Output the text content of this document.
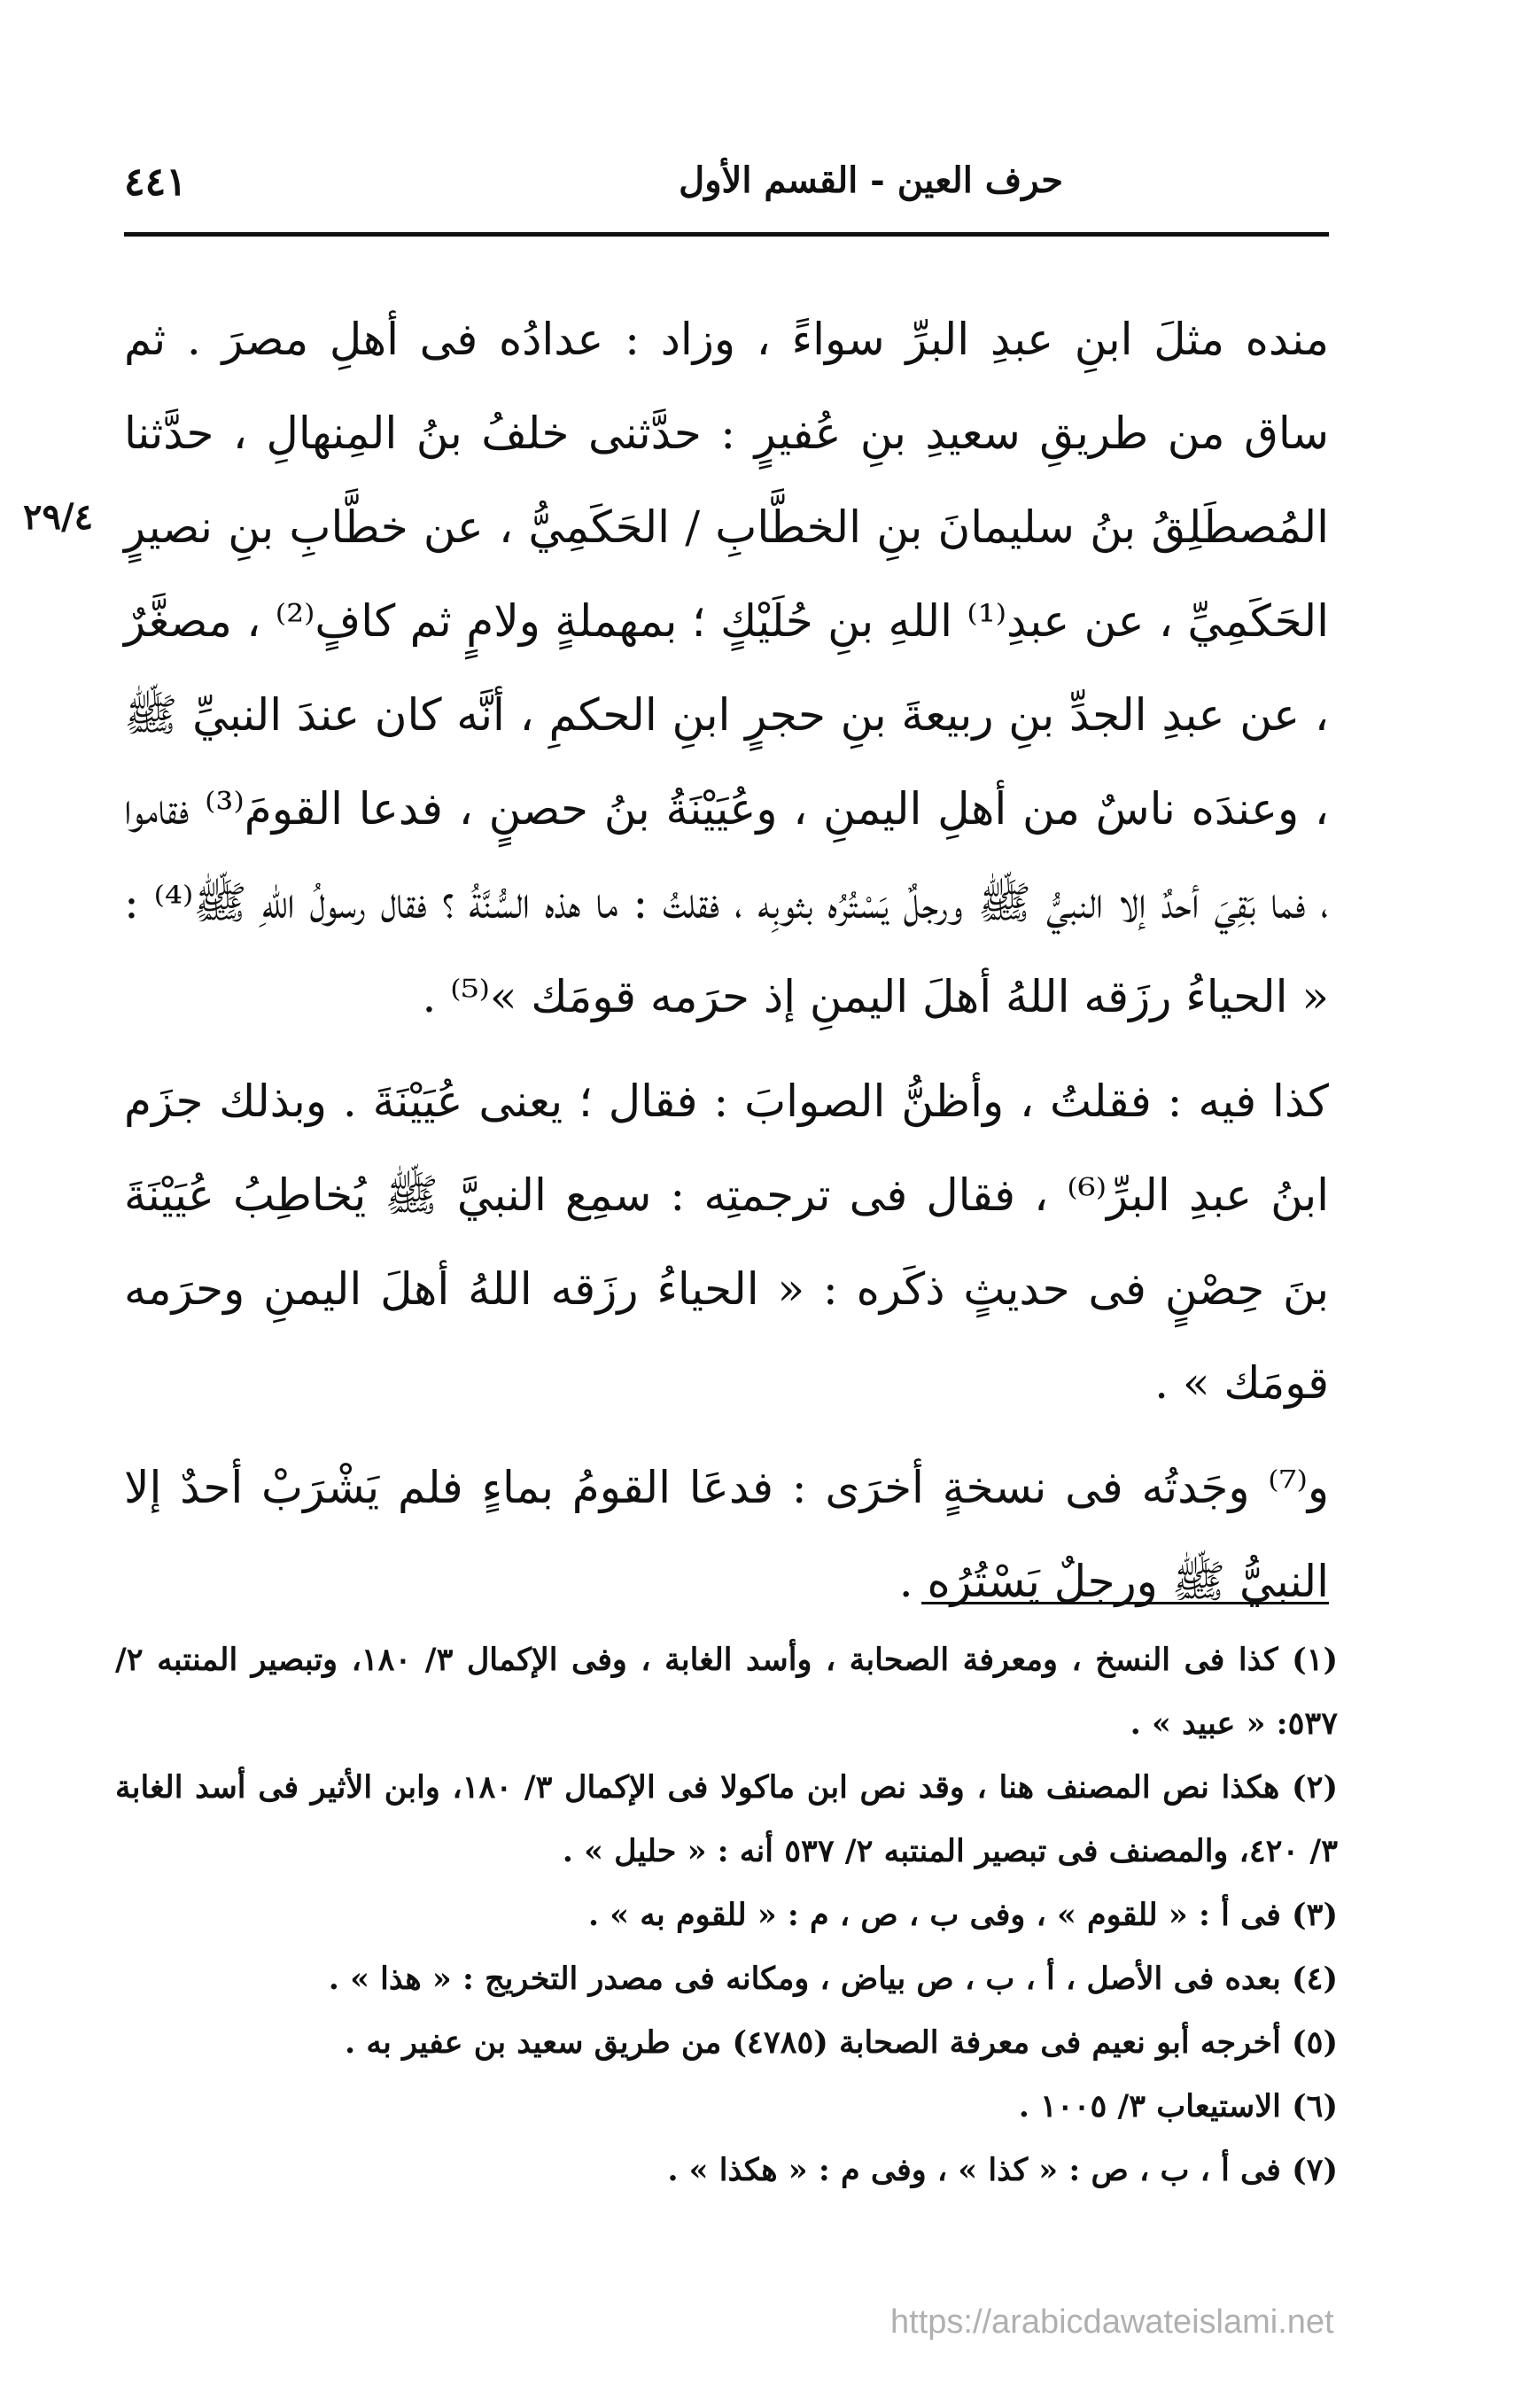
٤٤١	حرف العين - القسم الأول
٢٩/٤

منده مثلَ ابنِ عبدِ البرِّ سواءً ، وزاد : عدادُه فى أهلِ مصرَ . ثم ساق من طريقِ سعيدِ بنِ عُفيرٍ : حدَّثنى خلفُ بنُ المِنهالِ ، حدَّثنا المُصطَلِقُ بنُ سليمانَ بنِ الخطَّابِ / الحَكَمِيُّ ، عن خطَّابِ بنِ نصيرٍ الحَكَمِيِّ ، عن عبدِ⁽¹⁾ اللهِ بنِ حُلَيْكٍ ؛ بمهملةٍ ولامٍ ثم كافٍ⁽²⁾ ، مصغَّرٌ ، عن عبدِ الجدِّ بنِ ربيعةَ بنِ حجرٍ ابنِ الحكمِ ، أنَّه كان عندَ النبيِّ ﷺ ، وعندَه ناسٌ من أهلِ اليمنِ ، وعُيَيْنَةُ بنُ حصنٍ ، فدعا القومَ⁽³⁾ فقاموا ، فما بَقِيَ أحدٌ إلا النبيُّ ﷺ ورجلٌ يَسْتُرُه بثوبِه ، فقلتُ : ما هذه السُّنَّةُ ؟ فقال رسولُ اللهِ ﷺ⁽⁴⁾ : « الحياءُ رزَقه اللهُ أهلَ اليمنِ إذ حرَمه قومَك »⁽⁵⁾ .

كذا فيه : فقلتُ ، وأظنُّ الصوابَ : فقال ؛ يعنى عُيَيْنَةَ . وبذلك جزَم ابنُ عبدِ البرِّ⁽⁶⁾ ، فقال فى ترجمتِه : سمِع النبيَّ ﷺ يُخاطِبُ عُيَيْنَةَ بنَ حِصْنٍ فى حديثٍ ذكَره : « الحياءُ رزَقه اللهُ أهلَ اليمنِ وحرَمه قومَك » .

و⁽⁷⁾ وجَدتُه فى نسخةٍ أخرَى : فدعَا القومُ بماءٍ فلم يَشْرَبْ أحدٌ إلا النبيُّ ﷺ ورجلٌ يَسْتُرُه .

(١) كذا فى النسخ ، ومعرفة الصحابة ، وأسد الغابة ، وفى الإكمال ٣/ ١٨٠، وتبصير المنتبه ٢/ ٥٣٧: « عبيد » .

(٢) هكذا نص المصنف هنا ، وقد نص ابن ماكولا فى الإكمال ٣/ ١٨٠، وابن الأثير فى أسد الغابة ٣/ ٤٢٠، والمصنف فى تبصير المنتبه ٢/ ٥٣٧ أنه : « حليل » .

(٣) فى أ : « للقوم » ، وفى ب ، ص ، م : « للقوم به » .

(٤) بعده فى الأصل ، أ ، ب ، ص بياض ، ومكانه فى مصدر التخريج : « هذا » .

(٥) أخرجه أبو نعيم فى معرفة الصحابة (٤٧٨٥) من طريق سعيد بن عفير به .

(٦) الاستيعاب ٣/ ١٠٠٥ .

(٧) فى أ ، ب ، ص : « كذا » ، وفى م : « هكذا » .

https://arabicdawateislami.net
